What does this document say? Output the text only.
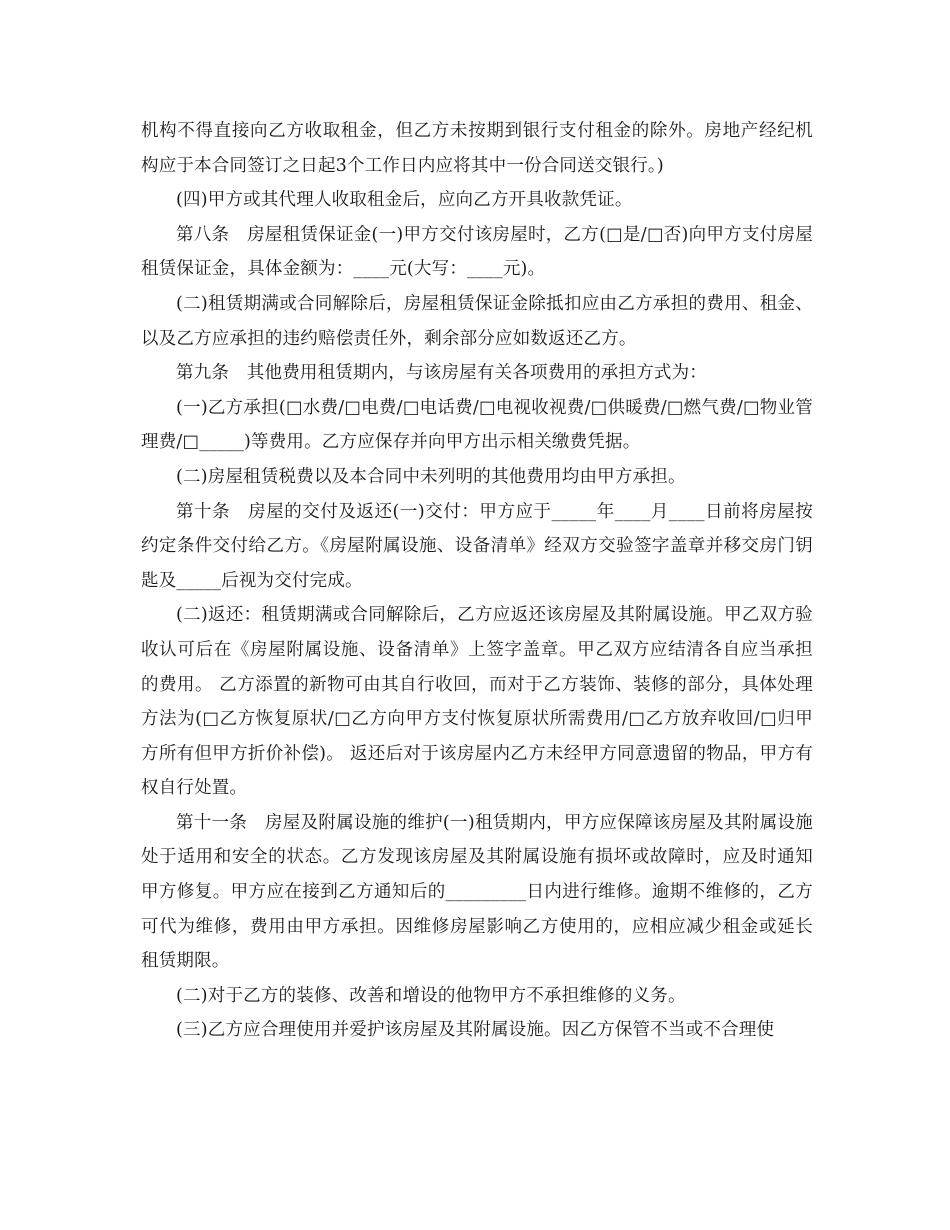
机构不得直接向乙方收取租金，但乙方未按期到银行支付租金的除外。房地产经纪机构应于本合同签订之日起3个工作日内应将其中一份合同送交银行。)

(四)甲方或其代理人收取租金后，应向乙方开具收款凭证。

第八条　房屋租赁保证金(一)甲方交付该房屋时，乙方(□是/□否)向甲方支付房屋租赁保证金，具体金额为：____元(大写：____元)。

(二)租赁期满或合同解除后，房屋租赁保证金除抵扣应由乙方承担的费用、租金、以及乙方应承担的违约赔偿责任外，剩余部分应如数返还乙方。

第九条　其他费用租赁期内，与该房屋有关各项费用的承担方式为：

(一)乙方承担(□水费/□电费/□电话费/□电视收视费/□供暖费/□燃气费/□物业管理费/□_____)等费用。乙方应保存并向甲方出示相关缴费凭据。

(二)房屋租赁税费以及本合同中未列明的其他费用均由甲方承担。

第十条　房屋的交付及返还(一)交付：甲方应于_____年____月____日前将房屋按约定条件交付给乙方。《房屋附属设施、设备清单》经双方交验签字盖章并移交房门钥匙及_____后视为交付完成。

(二)返还：租赁期满或合同解除后，乙方应返还该房屋及其附属设施。甲乙双方验收认可后在《房屋附属设施、设备清单》上签字盖章。甲乙双方应结清各自应当承担的费用。 乙方添置的新物可由其自行收回，而对于乙方装饰、装修的部分，具体处理方法为(□乙方恢复原状/□乙方向甲方支付恢复原状所需费用/□乙方放弃收回/□归甲方所有但甲方折价补偿)。 返还后对于该房屋内乙方未经甲方同意遗留的物品，甲方有权自行处置。

第十一条　房屋及附属设施的维护(一)租赁期内，甲方应保障该房屋及其附属设施处于适用和安全的状态。乙方发现该房屋及其附属设施有损坏或故障时，应及时通知甲方修复。甲方应在接到乙方通知后的_________日内进行维修。逾期不维修的，乙方可代为维修，费用由甲方承担。因维修房屋影响乙方使用的，应相应减少租金或延长租赁期限。

(二)对于乙方的装修、改善和增设的他物甲方不承担维修的义务。

(三)乙方应合理使用并爱护该房屋及其附属设施。因乙方保管不当或不合理使
